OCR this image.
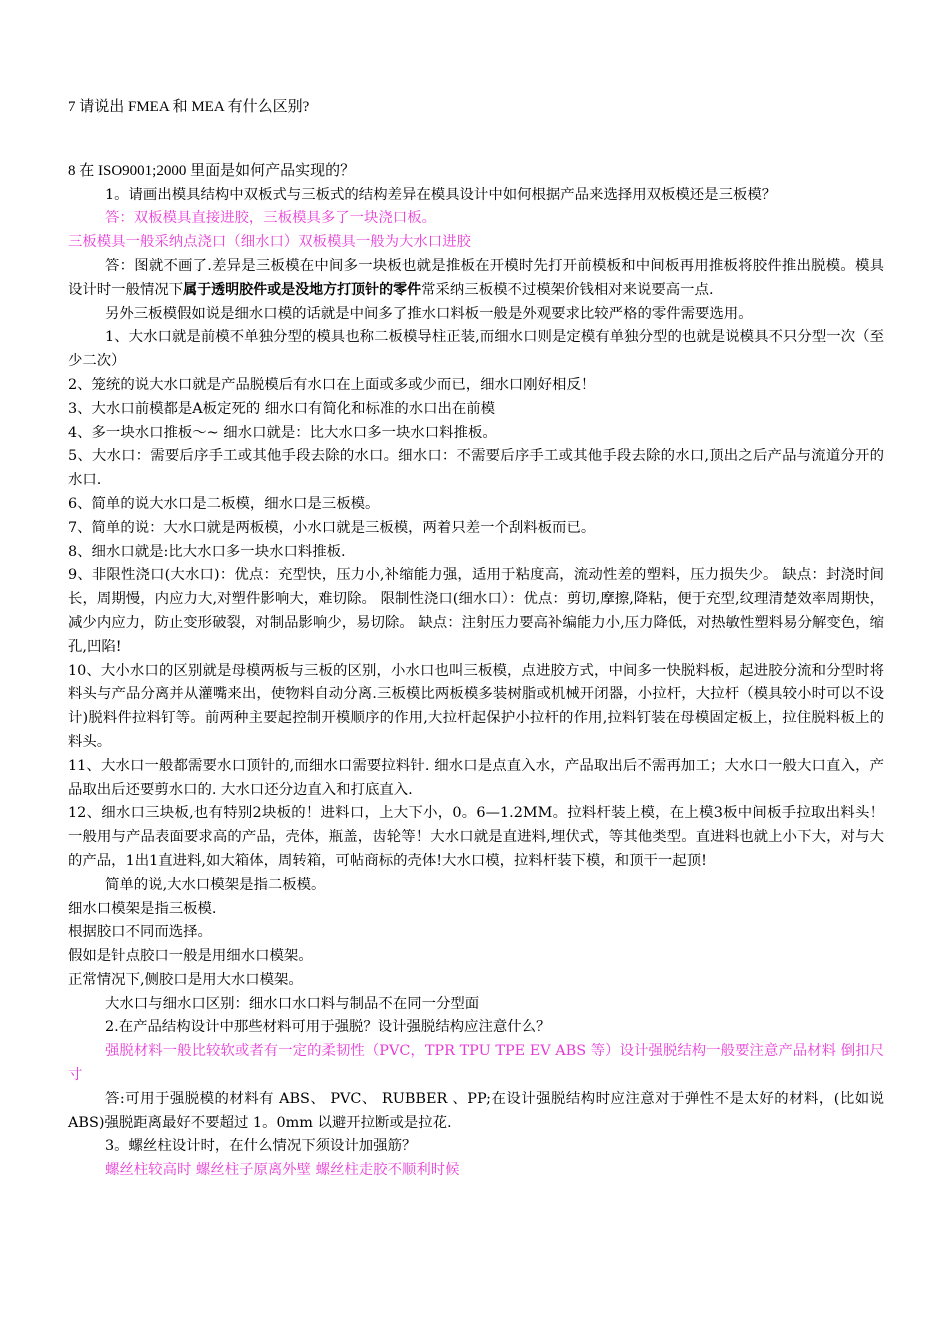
7 请说出 FMEA 和 MEA 有什么区别?

8 在 ISO9001;2000 里面是如何产品实现的？

1。请画出模具结构中双板式与三板式的结构差异在模具设计中如何根据产品来选择用双板模还是三板模？

答：双板模具直接进胶，三板模具多了一块浇口板。

三板模具一般采纳点浇口（细水口）双板模具一般为大水口进胶

答：图就不画了.差异是三板模在中间多一块板也就是推板在开模时先打开前模板和中间板再用推板将胶件推出脱模。模具设计时一般情况下属于透明胶件或是没地方打顶针的零件常采纳三板模不过模架价钱相对来说要高一点.

另外三板模假如说是细水口模的话就是中间多了推水口料板一般是外观要求比较严格的零件需要选用。

1、大水口就是前模不单独分型的模具也称二板模导柱正装,而细水口则是定模有单独分型的也就是说模具不只分型一次（至少二次）

2、笼统的说大水口就是产品脱模后有水口在上面或多或少而已，细水口刚好相反！

3、大水口前模都是A板定死的 细水口有简化和标准的水口出在前模

4、多一块水口推板～~ 细水口就是：比大水口多一块水口料推板。

5、大水口：需要后序手工或其他手段去除的水口。细水口：不需要后序手工或其他手段去除的水口,顶出之后产品与流道分开的水口.

6、简单的说大水口是二板模，细水口是三板模。

7、简单的说：大水口就是两板模，小水口就是三板模，两着只差一个刮料板而已。

8、细水口就是:比大水口多一块水口料推板.

9、非限性浇口(大水口)：优点：充型快，压力小,补缩能力强，适用于粘度高，流动性差的塑料，压力损失少。 缺点：封浇时间长，周期慢，内应力大,对塑件影响大，难切除。 限制性浇口(细水口）：优点：剪切,摩擦,降粘，便于充型,纹理清楚效率周期快，减少内应力，防止变形破裂，对制品影响少，易切除。 缺点：注射压力要高补编能力小,压力降低，对热敏性塑料易分解变色，缩孔,凹陷!

10、大小水口的区别就是母模两板与三板的区别，小水口也叫三板模，点进胶方式，中间多一快脱料板，起进胶分流和分型时将料头与产品分离并从灌嘴来出，使物料自动分离.三板模比两板模多装树脂或机械开闭器，小拉杆，大拉杆（模具较小时可以不设计)脱料件拉料钉等。前两种主要起控制开模顺序的作用,大拉杆起保护小拉杆的作用,拉料钉装在母模固定板上，拉住脱料板上的料头。

11、大水口一般都需要水口顶针的,而细水口需要拉料针. 细水口是点直入水，产品取出后不需再加工；大水口一般大口直入，产品取出后还要剪水口的. 大水口还分边直入和打底直入.

12、细水口三块板,也有特别2块板的！进料口，上大下小，0。6—1.2MM。拉料杆装上模，在上模3板中间板手拉取出料头！一般用与产品表面要求高的产品，壳体，瓶盖，齿轮等！大水口就是直进料,埋伏式，等其他类型。直进料也就上小下大，对与大的产品，1出1直进料,如大箱体，周转箱，可帖商标的壳体!大水口模，拉料杆装下模，和顶干一起顶!

简单的说,大水口模架是指二板模。

细水口模架是指三板模.

根据胶口不同而选择。

假如是针点胶口一般是用细水口模架。

正常情况下,侧胶口是用大水口模架。

大水口与细水口区别：细水口水口料与制品不在同一分型面

2.在产品结构设计中那些材料可用于强脱？设计强脱结构应注意什么？

强脱材料一般比较软或者有一定的柔韧性（PVC，TPR TPU TPE EV ABS 等）设计强脱结构一般要注意产品材料 倒扣尺寸

答:可用于强脱模的材料有 ABS、 PVC、 RUBBER 、PP;在设计强脱结构时应注意对于弹性不是太好的材料，(比如说 ABS)强脱距离最好不要超过 1。0mm 以避开拉断或是拉花.

3。螺丝柱设计时，在什么情况下须设计加强筋？

螺丝柱较高时 螺丝柱子原离外壁 螺丝柱走胶不顺利时候
